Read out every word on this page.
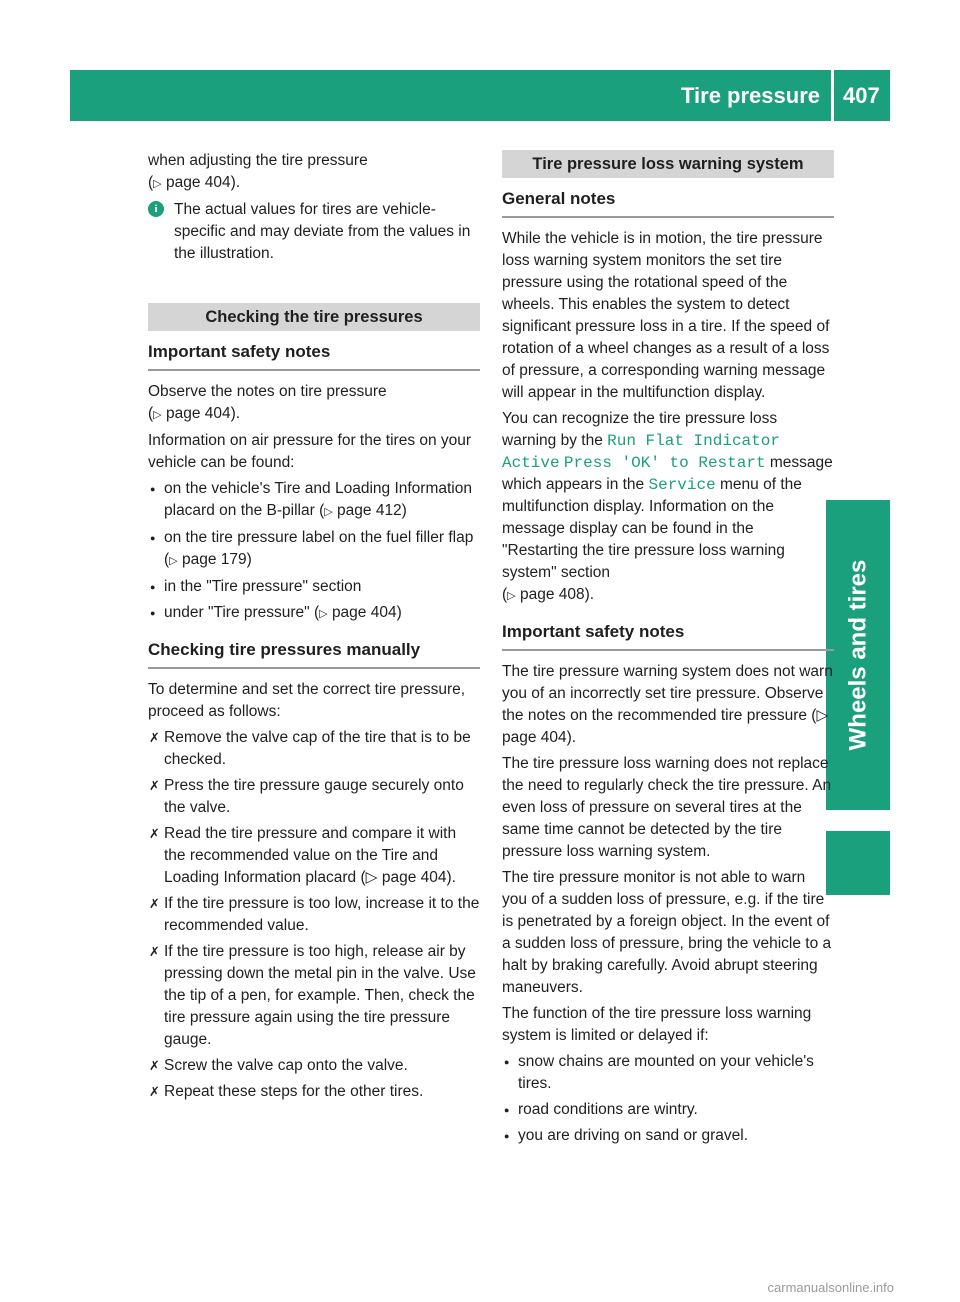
Tire pressure 407
Wheels and tires

when adjusting the tire pressure
(▷ page 404).

i	The actual values for tires are vehicle-specific and may deviate from the values in the illustration.

Checking the tire pressures
Important safety notes

Observe the notes on tire pressure
(▷ page 404).

Information on air pressure for the tires on your vehicle can be found:

● on the vehicle's Tire and Loading Information placard on the B-pillar (▷ page 412)
● on the tire pressure label on the fuel filler flap (▷ page 179)
● in the "Tire pressure" section
● under "Tire pressure" (▷ page 404)
Checking tire pressures manually

To determine and set the correct tire pressure, proceed as follows:

✗ Remove the valve cap of the tire that is to be checked.
✗ Press the tire pressure gauge securely onto the valve.
✗ Read the tire pressure and compare it with the recommended value on the Tire and Loading Information placard (▷ page 404).
✗ If the tire pressure is too low, increase it to the recommended value.
✗ If the tire pressure is too high, release air by pressing down the metal pin in the valve. Use the tip of a pen, for example. Then, check the tire pressure again using the tire pressure gauge.
✗ Screw the valve cap onto the valve.
✗ Repeat these steps for the other tires.
Tire pressure loss warning system
General notes

While the vehicle is in motion, the tire pressure loss warning system monitors the set tire pressure using the rotational speed of the wheels. This enables the system to detect significant pressure loss in a tire. If the speed of rotation of a wheel changes as a result of a loss of pressure, a corresponding warning message will appear in the multifunction display.

You can recognize the tire pressure loss warning by the Run Flat Indicator Active Press 'OK' to Restart message which appears in the Service menu of the multifunction display. Information on the message display can be found in the "Restarting the tire pressure loss warning system" section
(▷ page 408).

Important safety notes

The tire pressure warning system does not warn you of an incorrectly set tire pressure. Observe the notes on the recommended tire pressure (▷ page 404).

The tire pressure loss warning does not replace the need to regularly check the tire pressure. An even loss of pressure on several tires at the same time cannot be detected by the tire pressure loss warning system.

The tire pressure monitor is not able to warn you of a sudden loss of pressure, e.g. if the tire is penetrated by a foreign object. In the event of a sudden loss of pressure, bring the vehicle to a halt by braking carefully. Avoid abrupt steering maneuvers.

The function of the tire pressure loss warning system is limited or delayed if:

● snow chains are mounted on your vehicle's tires.
● road conditions are wintry.
● you are driving on sand or gravel.
carmanualsonline.info
